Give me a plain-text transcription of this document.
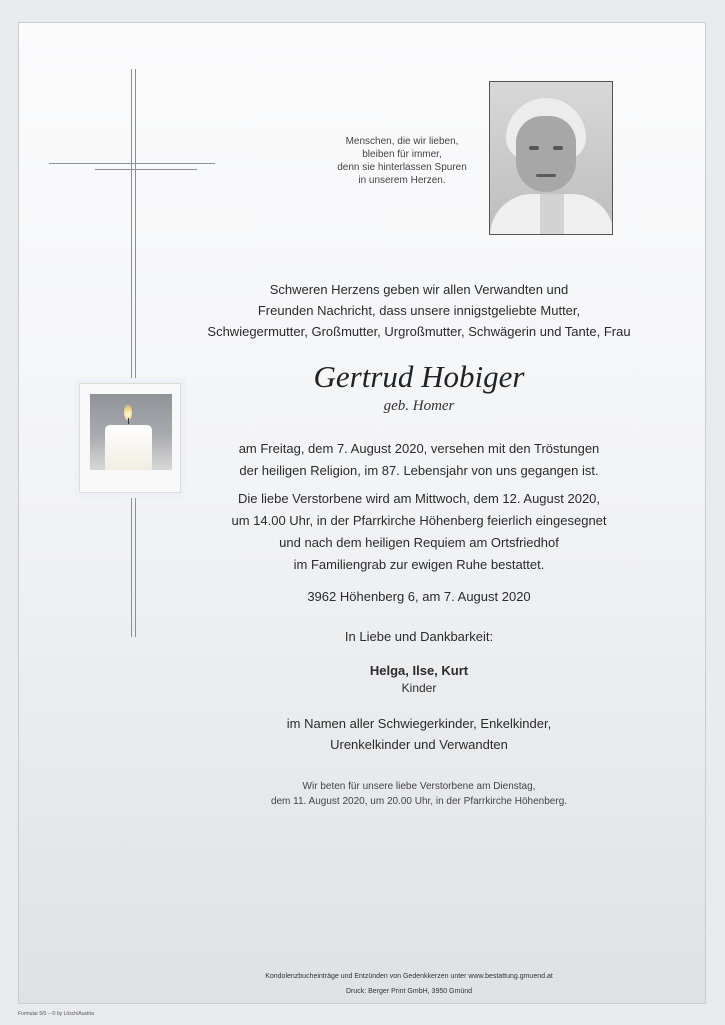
Menschen, die wir lieben,
bleiben für immer,
denn sie hinterlassen Spuren
in unserem Herzen.
Schweren Herzens geben wir allen Verwandten und
Freunden Nachricht, dass unsere innigstgeliebte Mutter,
Schwiegermutter, Großmutter, Urgroßmutter, Schwägerin und Tante, Frau
Gertrud Hobiger
geb. Homer
am Freitag, dem 7. August 2020, versehen mit den Tröstungen
der heiligen Religion, im 87. Lebensjahr von uns gegangen ist.
Die liebe Verstorbene wird am Mittwoch, dem 12. August 2020,
um 14.00 Uhr, in der Pfarrkirche Höhenberg feierlich eingesegnet
und nach dem heiligen Requiem am Ortsfriedhof
im Familiengrab zur ewigen Ruhe bestattet.
3962 Höhenberg 6, am 7. August 2020
In Liebe und Dankbarkeit:
Helga, Ilse, Kurt
Kinder
im Namen aller Schwiegerkinder, Enkelkinder,
Urenkelkinder und Verwandten
Wir beten für unsere liebe Verstorbene am Dienstag,
dem 11. August 2020, um 20.00 Uhr, in der Pfarrkirche Höhenberg.
Kondolenzbucheinträge und Entzünden von Gedenkkerzen unter www.bestattung.gmuend.at
Druck: Berger Print GmbH, 3950 Gmünd
Formular 5/0 – © by Lösch/Austria
